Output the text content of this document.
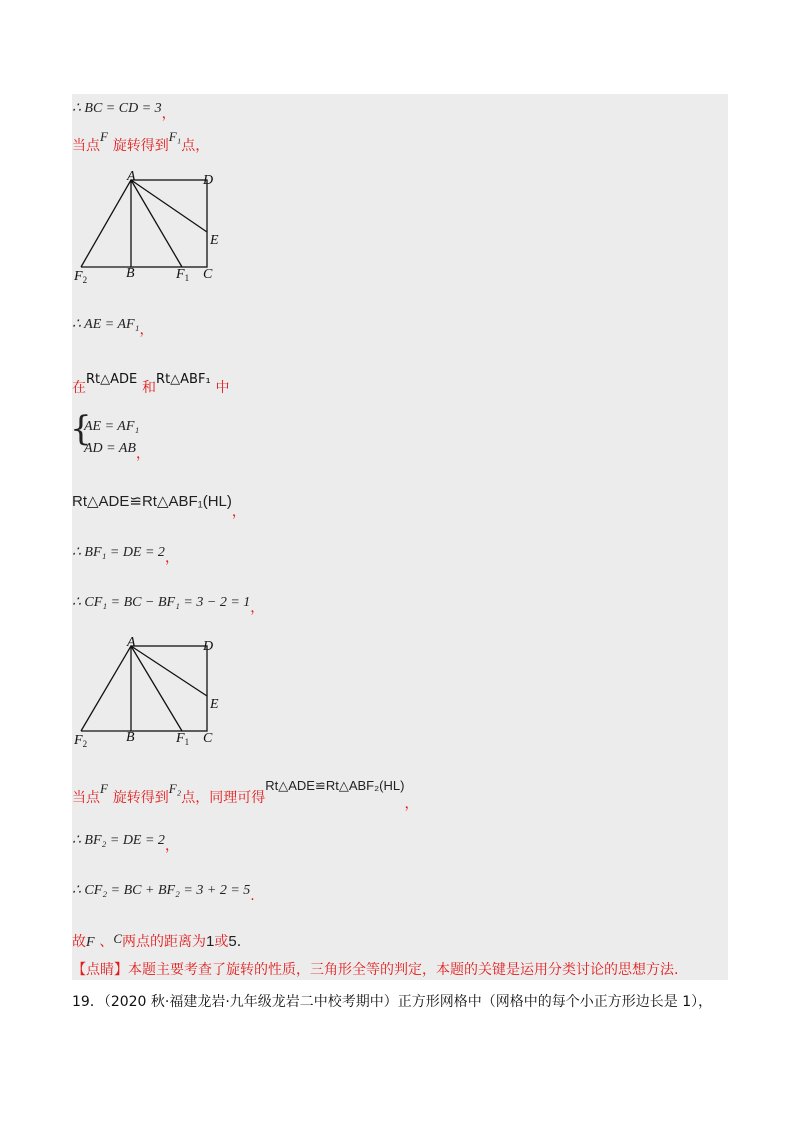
∴ BC = CD = 3，
当点F 旋转得到F₁点，
A	D
E
$F_2$	B	$F_1$ C
∴ AE = AF₁，
在Rt△ADE 和Rt△ABF₁ 中
{
AE = AF₁
AD = AB，
Rt△ADE≌Rt△ABF₁(HL)，
∴ BF₁ = DE = 2，
∴ CF₁ = BC − BF₁ = 3 − 2 = 1，
A	D
E
$F_2$	B	$F_1$ C
当点F 旋转得到F₂点，同理可得Rt△ADE≌Rt△ABF₂(HL)，
∴ BF₂ = DE = 2，
∴ CF₂ = BC + BF₂ = 3 + 2 = 5.
故F 、C两点的距离为1或5.
【点睛】本题主要考查了旋转的性质，三角形全等的判定，本题的关键是运用分类讨论的思想方法.
19．（2020 秋·福建龙岩·九年级龙岩二中校考期中）正方形网格中（网格中的每个小正方形边长是 1），
